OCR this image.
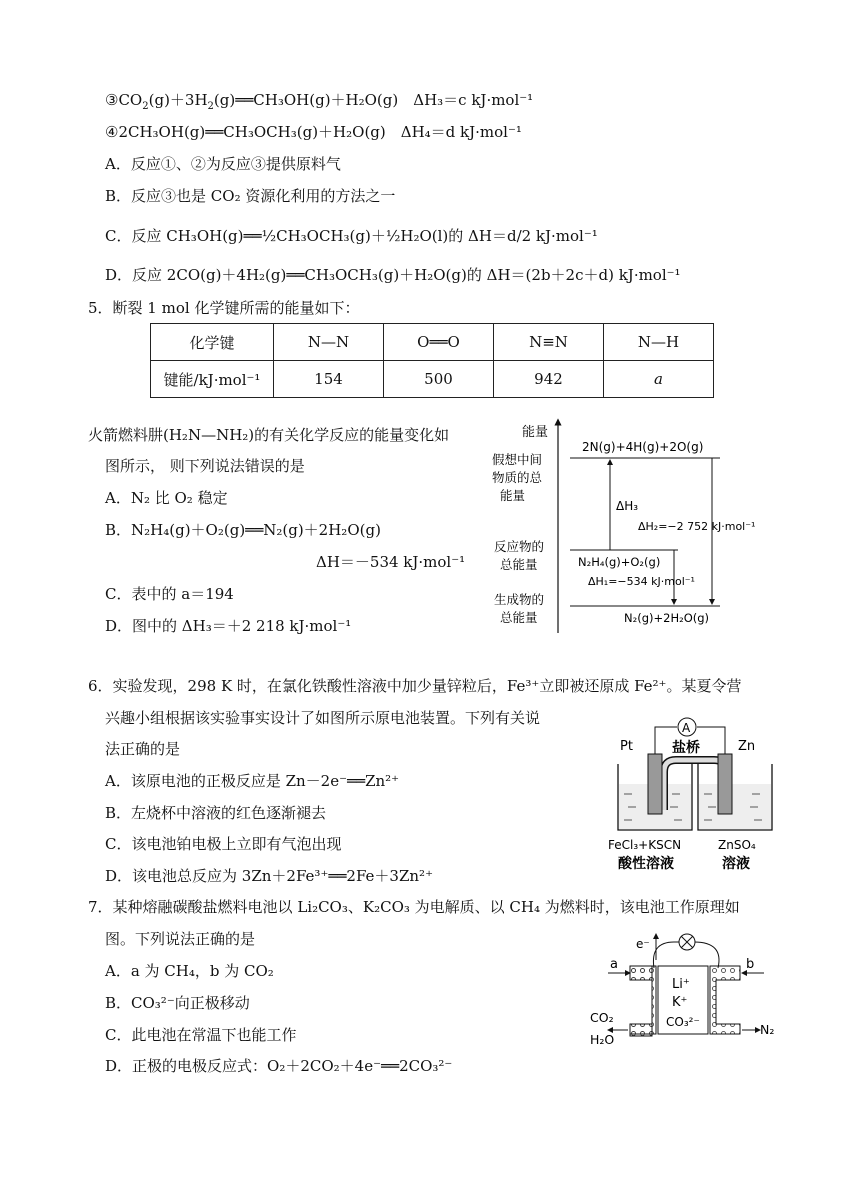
$③CO_2(g)+3H_2(g)══CH_3OH(g)+H_2O(g)$　ΔH₃＝c kJ·mol⁻¹
④2CH₃OH(g)══CH₃OCH₃(g)＋H₂O(g)　ΔH₄＝d kJ·mol⁻¹
A．反应①、②为反应③提供原料气
B．反应③也是 CO₂ 资源化利用的方法之一
C．反应 CH₃OH(g)══½CH₃OCH₃(g)＋½H₂O(l)的 ΔH＝d/2 kJ·mol⁻¹
D．反应 2CO(g)＋4H₂(g)══CH₃OCH₃(g)＋H₂O(g)的 ΔH＝(2b＋2c＋d) kJ·mol⁻¹
5．断裂 1 mol 化学键所需的能量如下：
化学键	N—N	O══O	N≡N	N—H
键能/kJ·mol⁻¹	154	500	942	a
火箭燃料肼(H₂N—NH₂)的有关化学反应的能量变化如
图所示， 则下列说法错误的是
A．N₂ 比 O₂ 稳定
B．N₂H₄(g)＋O₂(g)══N₂(g)＋2H₂O(g)
ΔH＝－534 kJ·mol⁻¹
C．表中的 a＝194
D．图中的 ΔH₃＝＋2 218 kJ·mol⁻¹
能量
假想中间
物质的总
能量
反应物的
总能量
生成物的
总能量
2N(g)+4H(g)+2O(g)
N₂H₄(g)+O₂(g)
N₂(g)+2H₂O(g)
ΔH₃
ΔH₂=−2 752 kJ·mol⁻¹
ΔH₁=−534 kJ·mol⁻¹
6．实验发现，298 K 时，在氯化铁酸性溶液中加少量锌粒后，Fe³⁺立即被还原成 Fe²⁺。某夏令营
兴趣小组根据该实验事实设计了如图所示原电池装置。下列有关说
法正确的是
A．该原电池的正极反应是 Zn－2e⁻══Zn²⁺
B．左烧杯中溶液的红色逐渐褪去
C．该电池铂电极上立即有气泡出现
D．该电池总反应为 3Zn＋2Fe³⁺══2Fe＋3Zn²⁺
A
Pt	Zn
盐桥
FeCl₃+KSCN
酸性溶液
ZnSO₄
溶液
7．某种熔融碳酸盐燃料电池以 Li₂CO₃、K₂CO₃ 为电解质、以 CH₄ 为燃料时，该电池工作原理如
图。下列说法正确的是
A．a 为 CH₄，b 为 CO₂
B．CO₃²⁻向正极移动
C．此电池在常温下也能工作
D．正极的电极反应式：O₂＋2CO₂＋4e⁻══2CO₃²⁻
e⁻
Li⁺
K⁺
CO₃²⁻
a	b
CO₂
H₂O
N₂
